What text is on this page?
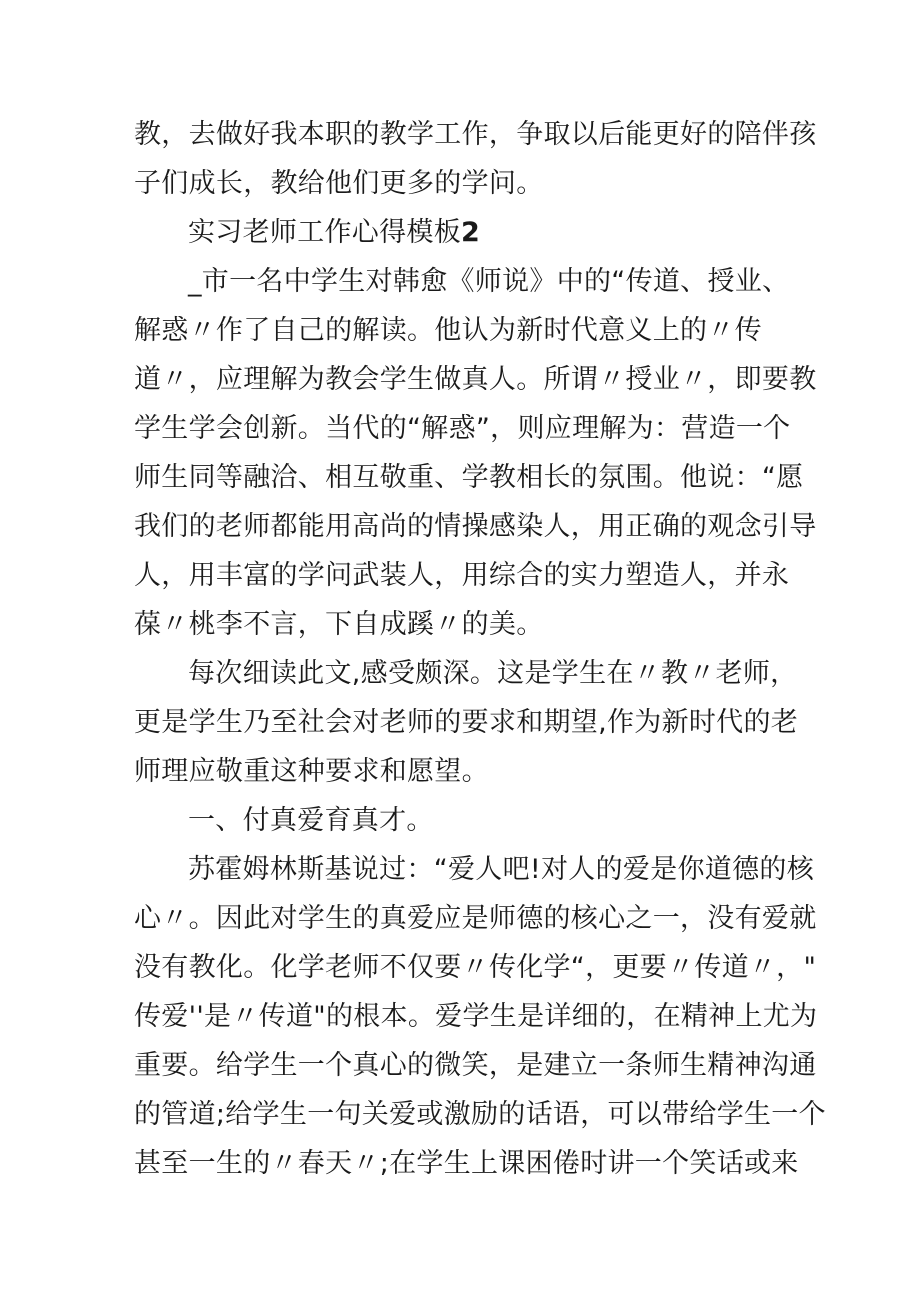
教，去做好我本职的教学工作，争取以后能更好的陪伴孩
子们成长，教给他们更多的学问。
实习老师工作心得模板2
_市一名中学生对韩愈《师说》中的“传道、授业、
解惑〃作了自己的解读。他认为新时代意义上的〃传
道〃，应理解为教会学生做真人。所谓〃授业〃，即要教
学生学会创新。当代的“解惑”，则应理解为：营造一个
师生同等融洽、相互敬重、学教相长的氛围。他说：“愿
我们的老师都能用高尚的情操感染人，用正确的观念引导
人，用丰富的学问武装人，用综合的实力塑造人，并永
葆〃桃李不言，下自成蹊〃的美。
每次细读此文,感受颇深。这是学生在〃教〃老师，
更是学生乃至社会对老师的要求和期望,作为新时代的老
师理应敬重这种要求和愿望。
一、付真爱育真才。
苏霍姆林斯基说过：“爱人吧!对人的爱是你道德的核
心〃。因此对学生的真爱应是师德的核心之一，没有爱就
没有教化。化学老师不仅要〃传化学“，更要〃传道〃，"
传爱''是〃传道"的根本。爱学生是详细的，在精神上尤为
重要。给学生一个真心的微笑，是建立一条师生精神沟通
的管道;给学生一句关爱或激励的话语，可以带给学生一个
甚至一生的〃春天〃;在学生上课困倦时讲一个笑话或来
